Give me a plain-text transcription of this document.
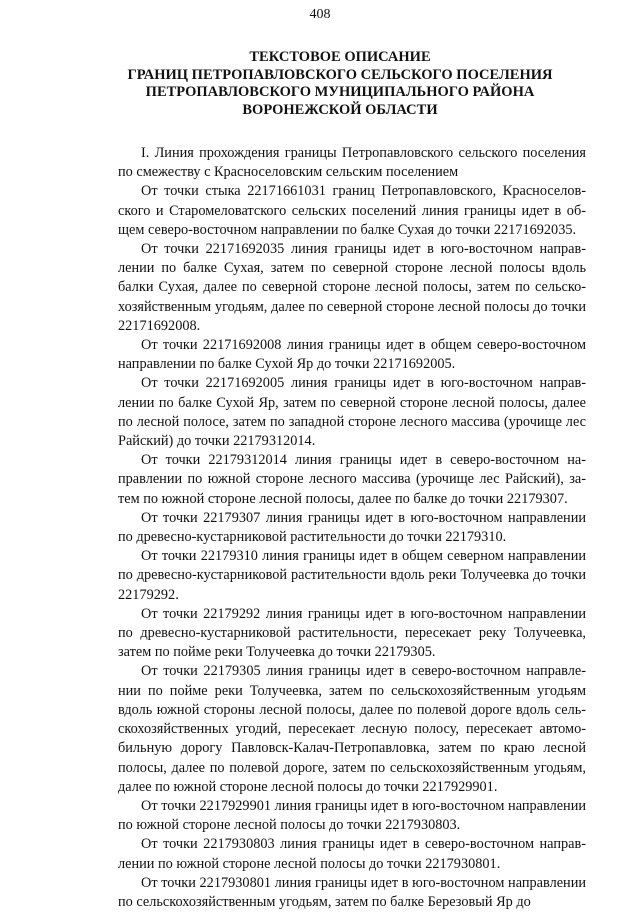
408
ТЕКСТОВОЕ ОПИСАНИЕ
ГРАНИЦ ПЕТРОПАВЛОВСКОГО СЕЛЬСКОГО ПОСЕЛЕНИЯ
ПЕТРОПАВЛОВСКОГО МУНИЦИПАЛЬНОГО РАЙОНА
ВОРОНЕЖСКОЙ ОБЛАСТИ

I. Линия прохождения границы Петропавловского сельского поселения по смежеству с Красноселовским сельским поселением

От точки стыка 22171661031 границ Петропавловского, Красноселовского и Старомеловатского сельских поселений линия границы идет в общем северо-восточном направлении по балке Сухая до точки 22171692035.

От точки 22171692035 линия границы идет в юго-восточном направлении по балке Сухая, затем по северной стороне лесной полосы вдоль балки Сухая, далее по северной стороне лесной полосы, затем по сельскохозяйственным угодьям, далее по северной стороне лесной полосы до точки 22171692008.

От точки 22171692008 линия границы идет в общем северо-восточном направлении по балке Сухой Яр до точки 22171692005.

От точки 22171692005 линия границы идет в юго-восточном направлении по балке Сухой Яр, затем по северной стороне лесной полосы, далее по лесной полосе, затем по западной стороне лесного массива (урочище лес Райский) до точки 22179312014.

От точки 22179312014 линия границы идет в северо-восточном направлении по южной стороне лесного массива (урочище лес Райский), затем по южной стороне лесной полосы, далее по балке до точки 22179307.

От точки 22179307 линия границы идет в юго-восточном направлении по древесно-кустарниковой растительности до точки 22179310.

От точки 22179310 линия границы идет в общем северном направлении по древесно-кустарниковой растительности вдоль реки Толучеевка до точки 22179292.

От точки 22179292 линия границы идет в юго-восточном направлении по древесно-кустарниковой растительности, пересекает реку Толучеевка, затем по пойме реки Толучеевка до точки 22179305.

От точки 22179305 линия границы идет в северо-восточном направлении по пойме реки Толучеевка, затем по сельскохозяйственным угодьям вдоль южной стороны лесной полосы, далее по полевой дороге вдоль сельскохозяйственных угодий, пересекает лесную полосу, пересекает автомобильную дорогу Павловск-Калач-Петропавловка, затем по краю лесной полосы, далее по полевой дороге, затем по сельскохозяйственным угодьям, далее по южной стороне лесной полосы до точки 2217929901.

От точки 2217929901 линия границы идет в юго-восточном направлении по южной стороне лесной полосы до точки 2217930803.

От точки 2217930803 линия границы идет в северо-восточном направлении по южной стороне лесной полосы до точки 2217930801.

От точки 2217930801 линия границы идет в юго-восточном направлении по сельскохозяйственным угодьям, затем по балке Березовый Яр до
